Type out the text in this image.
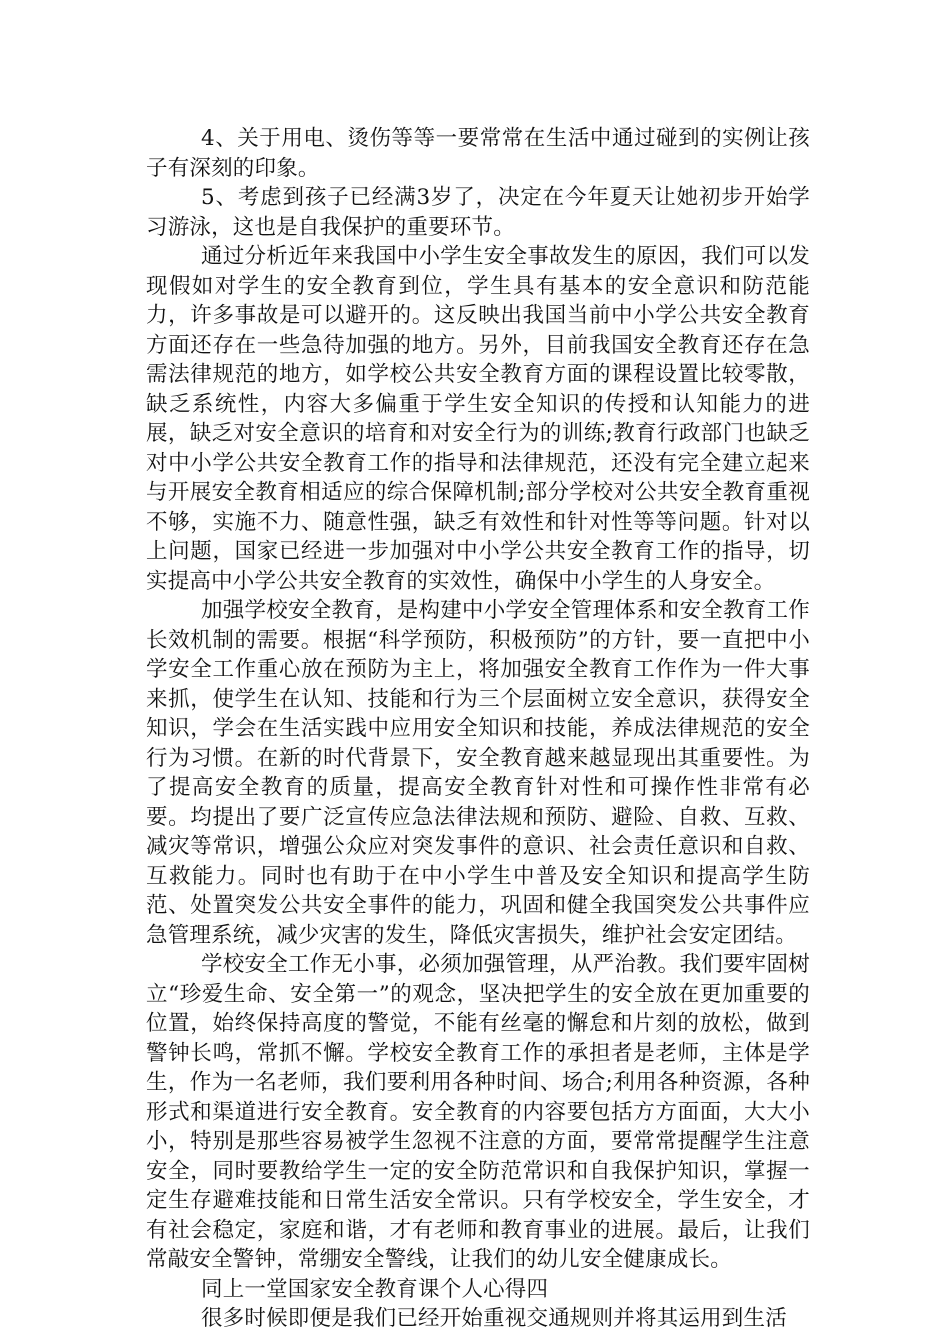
4、关于用电、烫伤等等一要常常在生活中通过碰到的实例让孩子有深刻的印象。

5、考虑到孩子已经满3岁了，决定在今年夏天让她初步开始学习游泳，这也是自我保护的重要环节。

通过分析近年来我国中小学生安全事故发生的原因，我们可以发现假如对学生的安全教育到位，学生具有基本的安全意识和防范能力，许多事故是可以避开的。这反映出我国当前中小学公共安全教育方面还存在一些急待加强的地方。另外，目前我国安全教育还存在急需法律规范的地方，如学校公共安全教育方面的课程设置比较零散，缺乏系统性，内容大多偏重于学生安全知识的传授和认知能力的进展，缺乏对安全意识的培育和对安全行为的训练;教育行政部门也缺乏对中小学公共安全教育工作的指导和法律规范，还没有完全建立起来与开展安全教育相适应的综合保障机制;部分学校对公共安全教育重视不够，实施不力、随意性强，缺乏有效性和针对性等等问题。针对以上问题，国家已经进一步加强对中小学公共安全教育工作的指导，切实提高中小学公共安全教育的实效性，确保中小学生的人身安全。

加强学校安全教育，是构建中小学安全管理体系和安全教育工作长效机制的需要。根据“科学预防，积极预防”的方针，要一直把中小学安全工作重心放在预防为主上，将加强安全教育工作作为一件大事来抓，使学生在认知、技能和行为三个层面树立安全意识，获得安全知识，学会在生活实践中应用安全知识和技能，养成法律规范的安全行为习惯。在新的时代背景下，安全教育越来越显现出其重要性。为了提高安全教育的质量，提高安全教育针对性和可操作性非常有必要。均提出了要广泛宣传应急法律法规和预防、避险、自救、互救、减灾等常识，增强公众应对突发事件的意识、社会责任意识和自救、互救能力。同时也有助于在中小学生中普及安全知识和提高学生防范、处置突发公共安全事件的能力，巩固和健全我国突发公共事件应急管理系统，减少灾害的发生，降低灾害损失，维护社会安定团结。

学校安全工作无小事，必须加强管理，从严治教。我们要牢固树立“珍爱生命、安全第一”的观念，坚决把学生的安全放在更加重要的位置，始终保持高度的警觉，不能有丝毫的懈怠和片刻的放松，做到警钟长鸣，常抓不懈。学校安全教育工作的承担者是老师，主体是学生，作为一名老师，我们要利用各种时间、场合;利用各种资源，各种形式和渠道进行安全教育。安全教育的内容要包括方方面面，大大小小，特别是那些容易被学生忽视不注意的方面，要常常提醒学生注意安全，同时要教给学生一定的安全防范常识和自我保护知识，掌握一定生存避难技能和日常生活安全常识。只有学校安全，学生安全，才有社会稳定，家庭和谐，才有老师和教育事业的进展。最后，让我们常敲安全警钟，常绷安全警线，让我们的幼儿安全健康成长。

同上一堂国家安全教育课个人心得四

很多时候即便是我们已经开始重视交通规则并将其运用到生活
